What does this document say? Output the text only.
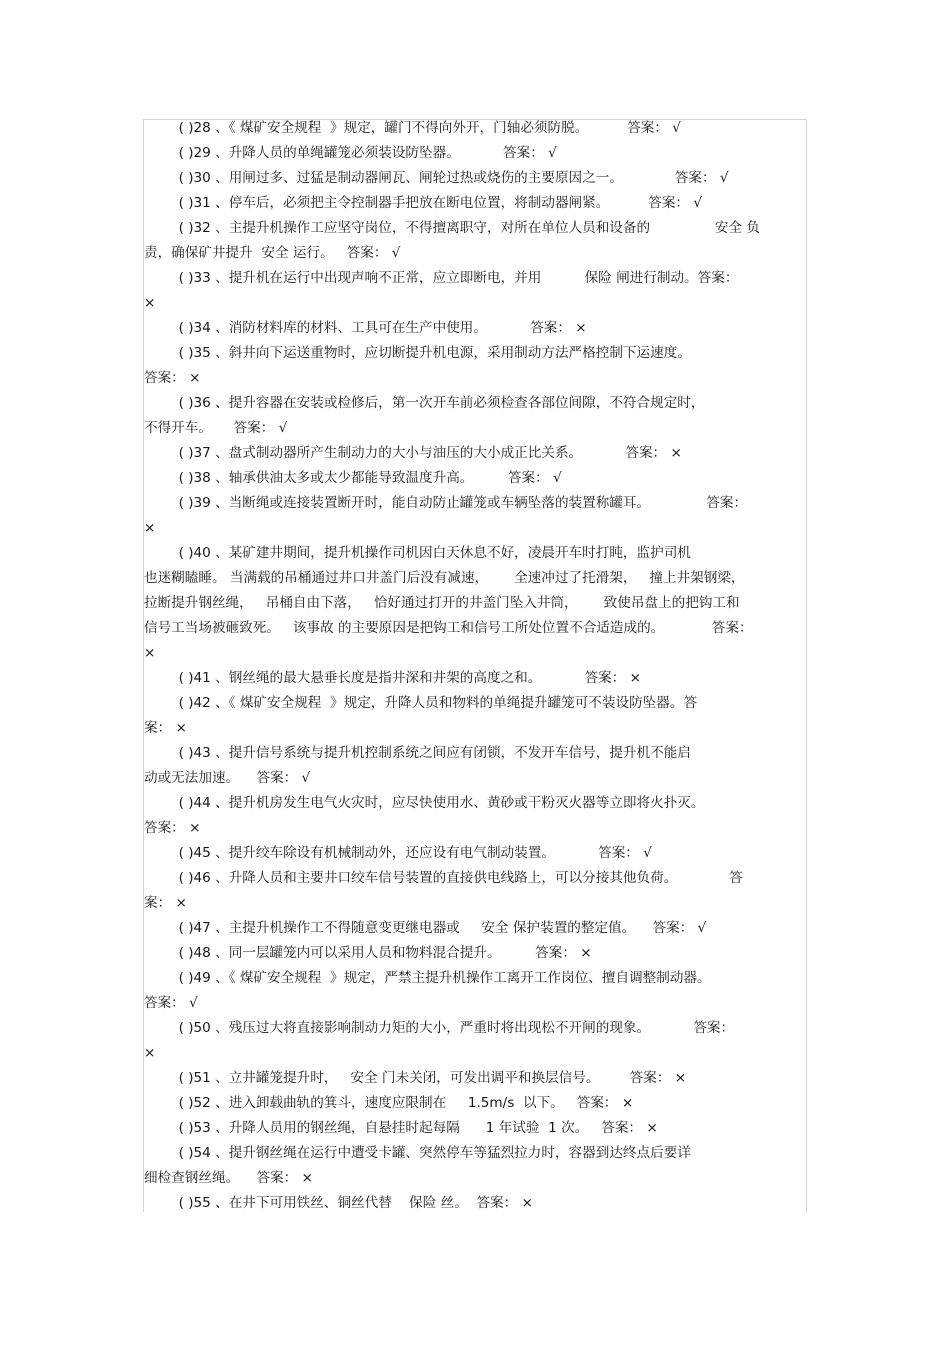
( )28 、《 煤矿安全规程  》规定，罐门不得向外开，门轴必须防脱。         答案： √
( )29 、升降人员的单绳罐笼必须装设防坠器。          答案： √
( )30 、用闸过多、过猛是制动器闸瓦、闸轮过热或烧伤的主要原因之一。            答案： √
( )31 、停车后，必须把主令控制器手把放在断电位置，将制动器闸紧。         答案： √
( )32 、主提升机操作工应坚守岗位，不得擅离职守，对所在单位人员和设备的               安全 负
责，确保矿井提升  安全 运行。   答案： √
( )33 、提升机在运行中出现声响不正常，应立即断电，并用          保险 闸进行制动。答案：
×
( )34 、消防材料库的材料、工具可在生产中使用。          答案： ×
( )35 、斜井向下运送重物时，应切断提升机电源，采用制动方法严格控制下运速度。
答案： ×
( )36 、提升容器在安装或检修后，第一次开车前必须检查各部位间隙，不符合规定时，
不得开车。     答案： √
( )37 、盘式制动器所产生制动力的大小与油压的大小成正比关系。          答案： ×
( )38 、轴承供油太多或太少都能导致温度升高。        答案： √
( )39 、当断绳或连接装置断开时，能自动防止罐笼或车辆坠落的装置称罐耳。             答案：
×
( )40 、某矿建井期间，提升机操作司机因白天休息不好，凌晨开车时打盹，监护司机
也迷糊瞌睡。 当满载的吊桶通过井口井盖门后没有减速，      全速冲过了托滑架，   撞上井架钢梁，
拉断提升钢丝绳，   吊桶自由下落，   恰好通过打开的井盖门坠入井筒，      致使吊盘上的把钩工和
信号工当场被砸致死。   该事故 的主要原因是把钩工和信号工所处位置不合适造成的。           答案：
×
( )41 、钢丝绳的最大悬垂长度是指井深和井架的高度之和。          答案： ×
( )42 、《 煤矿安全规程  》规定，升降人员和物料的单绳提升罐笼可不装设防坠器。答
案： ×
( )43 、提升信号系统与提升机控制系统之间应有闭锁，不发开车信号，提升机不能启
动或无法加速。    答案： √
( )44 、提升机房发生电气火灾时，应尽快使用水、黄砂或干粉灭火器等立即将火扑灭。
答案： ×
( )45 、提升绞车除设有机械制动外，还应设有电气制动装置。          答案： √
( )46 、升降人员和主要井口绞车信号装置的直接供电线路上，可以分接其他负荷。            答
案： ×
( )47 、主提升机操作工不得随意变更继电器或     安全 保护装置的整定值。    答案： √
( )48 、同一层罐笼内可以采用人员和物料混合提升。        答案： ×
( )49 、《 煤矿安全规程  》规定，严禁主提升机操作工离开工作岗位、擅自调整制动器。
答案： √
( )50 、残压过大将直接影响制动力矩的大小，严重时将出现松不开闸的现象。          答案：
×
( )51 、立井罐笼提升时，   安全 门未关闭，可发出调平和换层信号。       答案： ×
( )52 、进入卸载曲轨的箕斗，速度应限制在     1.5m/s  以下。   答案： ×
( )53 、升降人员用的钢丝绳，自悬挂时起每隔      1 年试验  1 次。   答案： ×
( )54 、提升钢丝绳在运行中遭受卡罐、突然停车等猛烈拉力时，容器到达终点后要详
细检查钢丝绳。    答案： ×
( )55 、在井下可用铁丝、铜丝代替    保险 丝。  答案： ×
